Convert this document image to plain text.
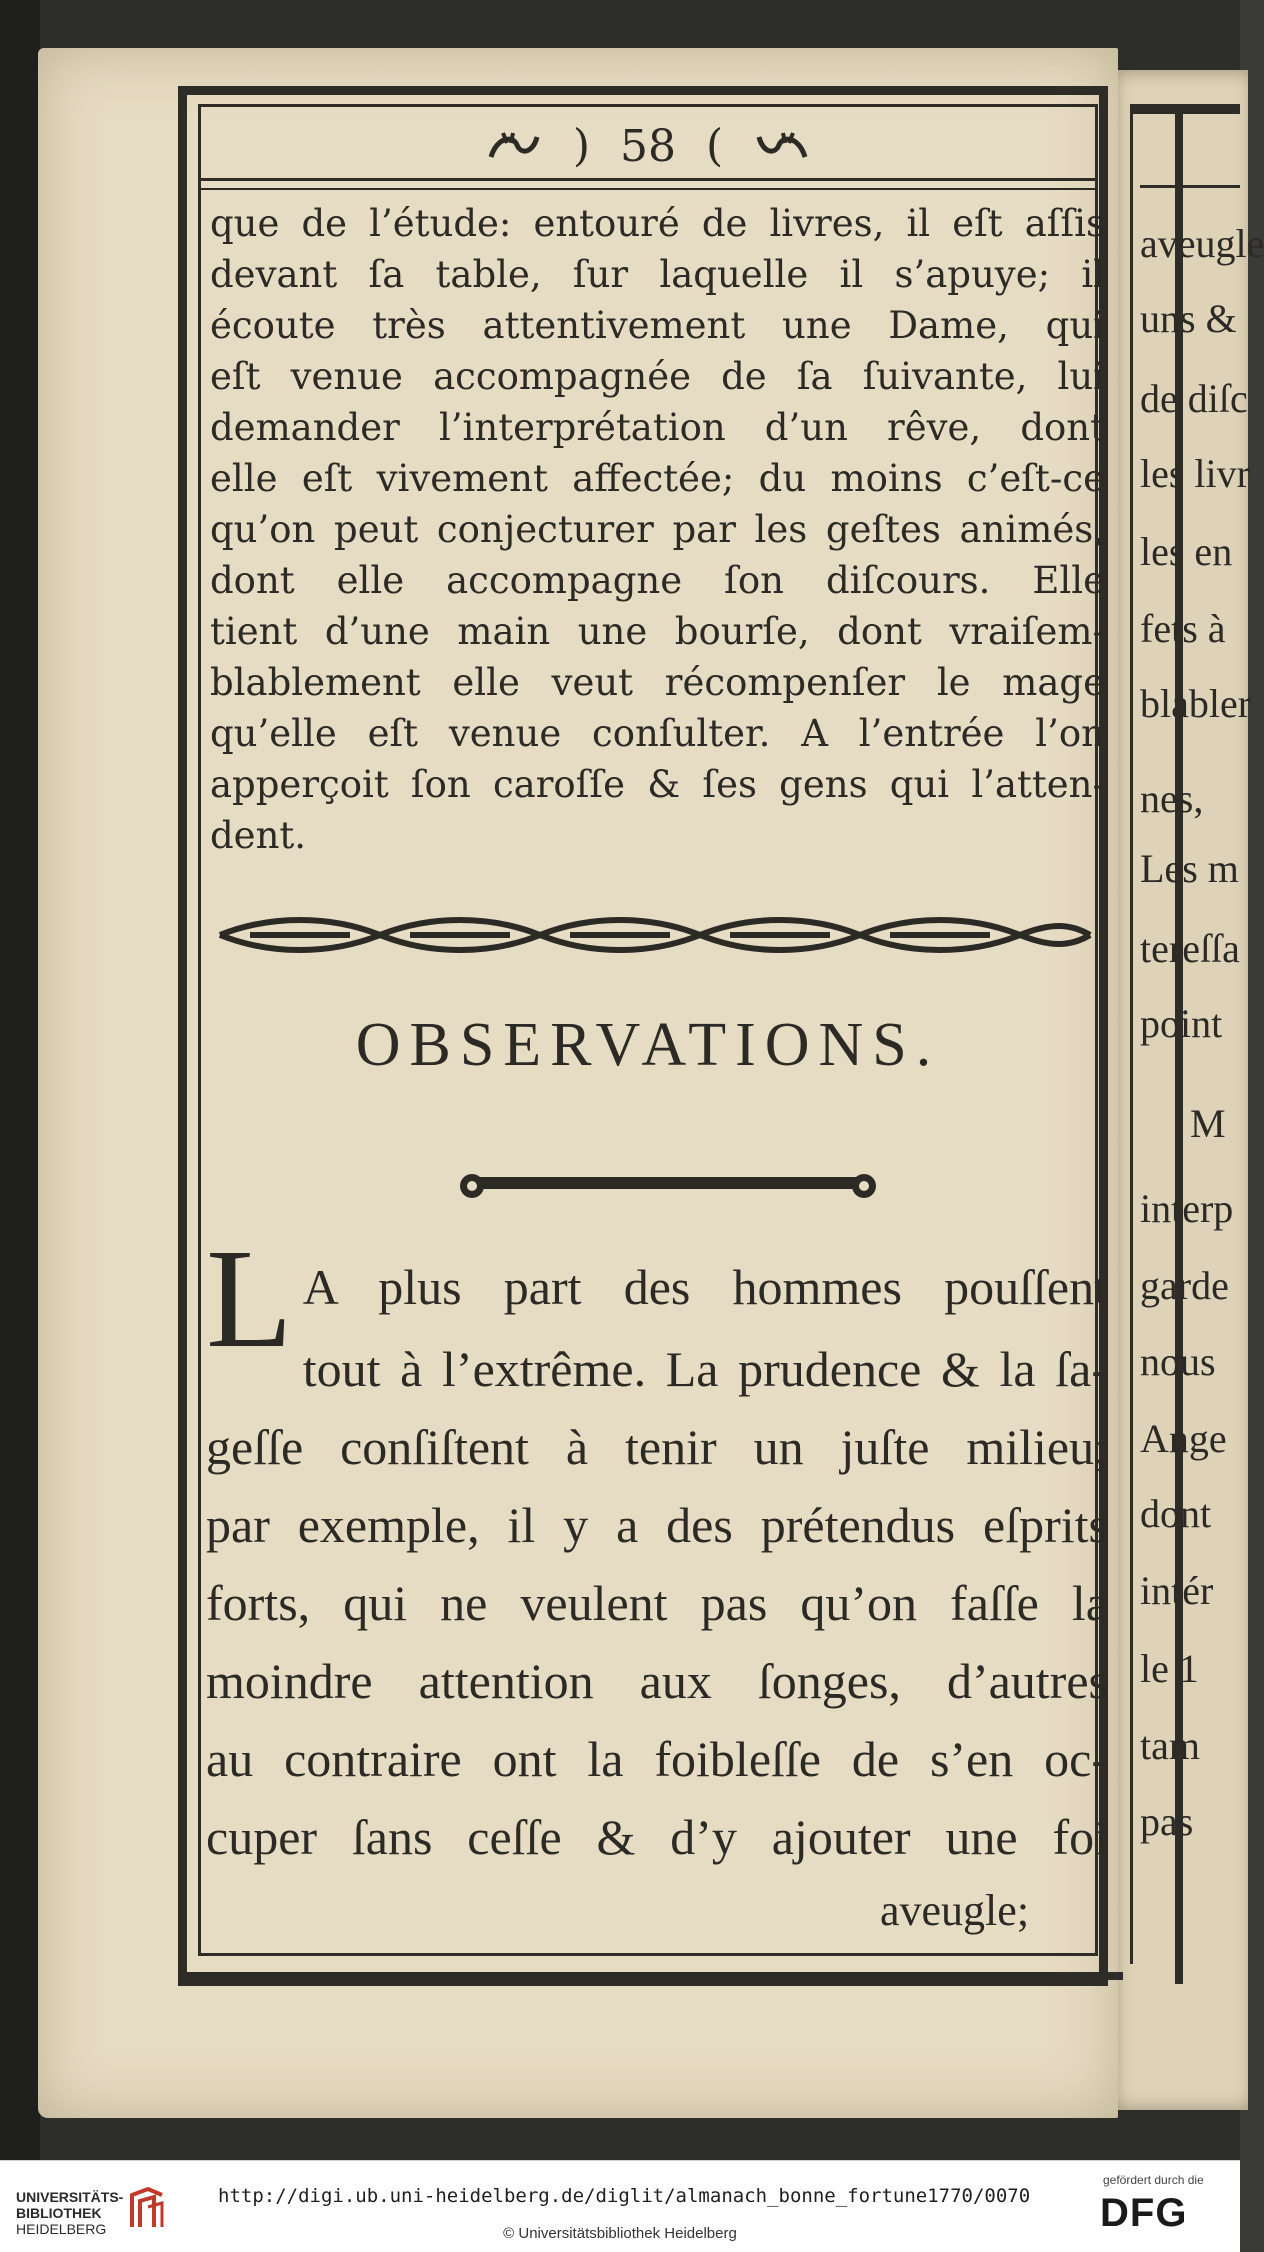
) 58 (
que de l’étude: entouré de livres, il eſt aſſis
devant ſa table, ſur laquelle il s’apuye; il
écoute très attentivement une Dame, qui
eſt venue accompagnée de ſa ſuivante, lui
demander l’interprétation d’un rêve, dont
elle eſt vivement affectée; du moins c’eſt-ce
qu’on peut conjecturer par les geſtes animés,
dont elle accompagne ſon diſcours. Elle
tient d’une main une bourſe, dont vraiſem-
blablement elle veut récompenſer le mage
qu’elle eſt venue conſulter. A l’entrée l’on
apperçoit ſon caroſſe & ſes gens qui l’atten-
dent.
OBSERVATIONS.
L A plus part des hommes pouſſent
tout à l’extrême. La prudence & la ſa-
geſſe conſiſtent à tenir un juſte milieu;
par exemple, il y a des prétendus eſprits
forts, qui ne veulent pas qu’on faſſe la
moindre attention aux ſonges, d’autres
au contraire ont la foibleſſe de s’en oc-
cuper ſans ceſſe & d’y ajouter une foi
aveugle;
aveugle
uns &
de diſc
les livr
les en
fets à
blabler
nes,
Les m
tereſſa
point
M
interp
garde
nous
Ange
dont
intér
le 1
tam
pas
UNIVERSITÄTS-
BIBLIOTHEK
HEIDELBERG
http://digi.ub.uni-heidelberg.de/diglit/almanach_bonne_fortune1770/0070
© Universitätsbibliothek Heidelberg
gefördert durch die
DFG
